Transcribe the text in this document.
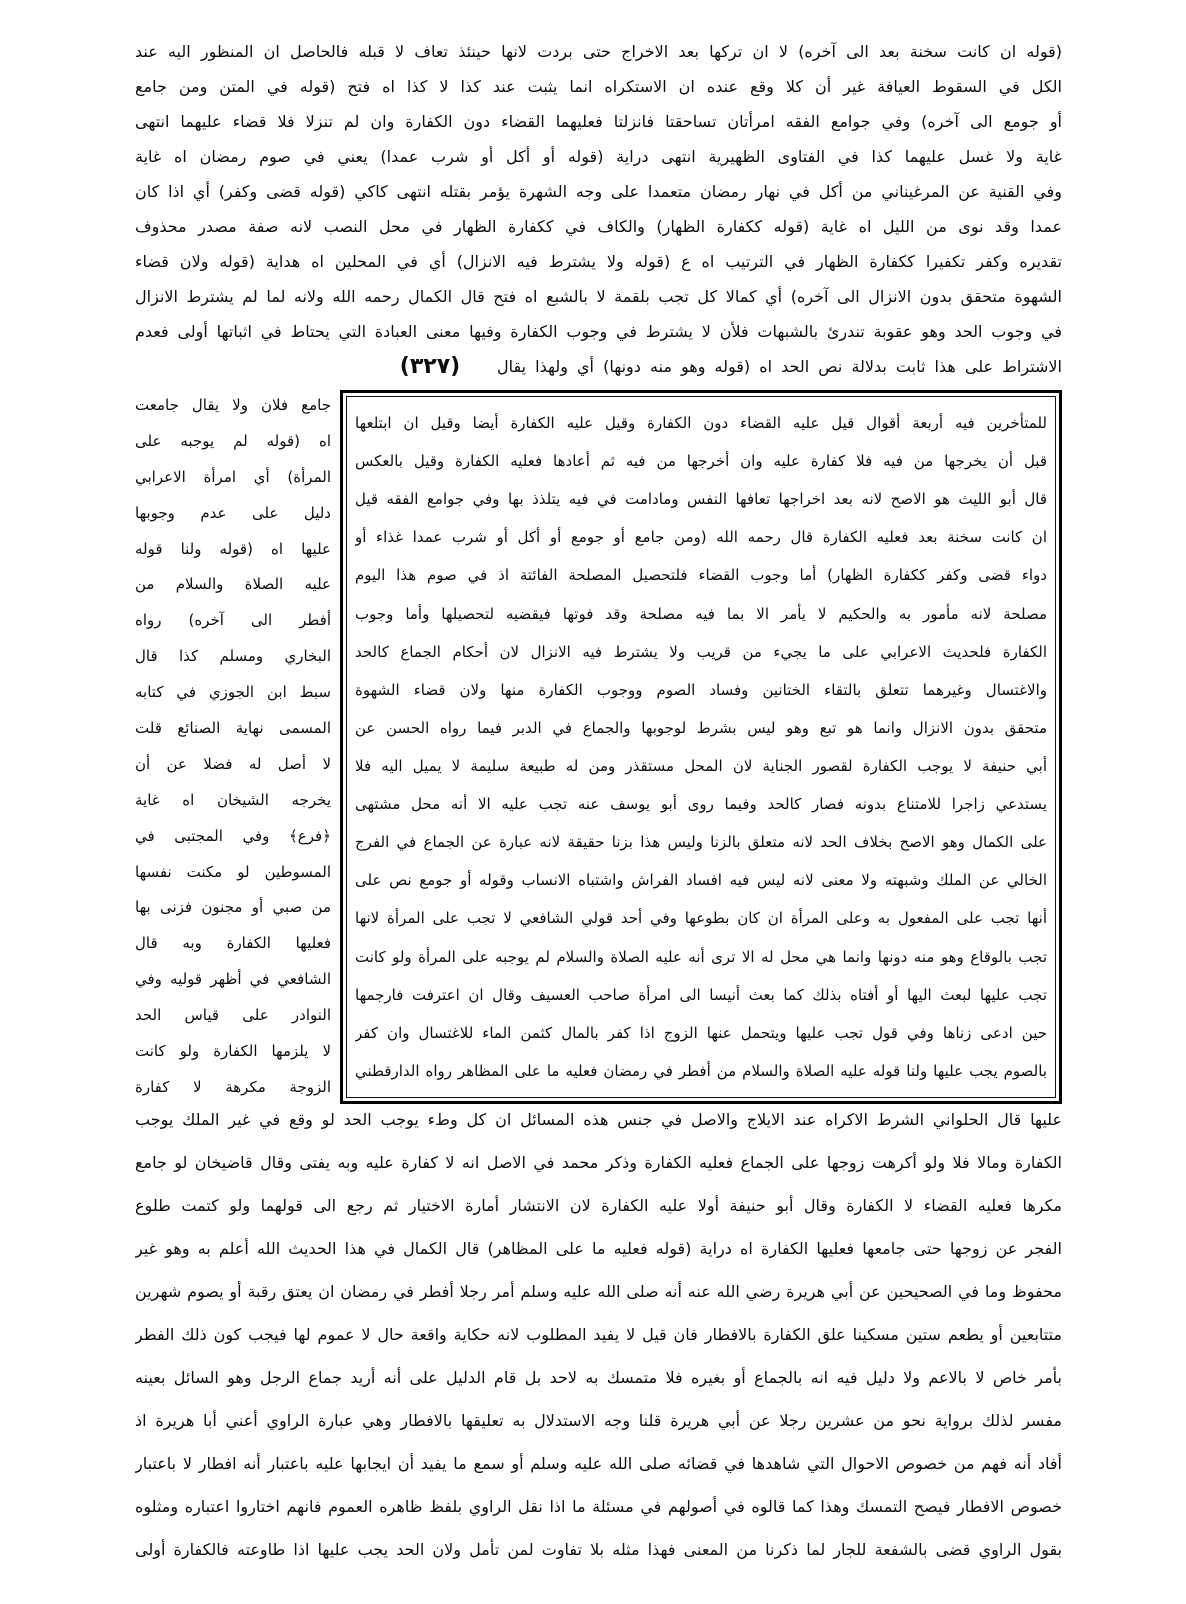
(قوله ان كانت سخنة بعد الى آخره) لا ان تركها بعد الاخراج حتى بردت لانها حينئذ تعاف لا قبله فالحاصل ان المنظور اليه عند
الكل في السقوط العيافة غير أن كلا وقع عنده ان الاستكراه انما يثبت عند كذا لا كذا اه فتح (قوله في المتن ومن جامع
أو جومع الى آخره) وفي جوامع الفقه امرأتان تساحقتا فانزلتا فعليهما القضاء دون الكفارة وان لم تنزلا فلا قضاء عليهما انتهى
غاية ولا غسل عليهما كذا في الفتاوى الظهيرية انتهى دراية (قوله أو أكل أو شرب عمدا) يعني في صوم رمضان اه غاية
وفي القنية عن المرغيناني من أكل في نهار رمضان متعمدا على وجه الشهرة يؤمر بقتله انتهى كاكي (قوله قضى وكفر) أي اذا كان
عمدا وقد نوى من الليل اه غاية (قوله ككفارة الظهار) والكاف في ككفارة الظهار في محل النصب لانه صفة مصدر محذوف
تقديره وكفر تكفيرا ككفارة الظهار في الترتيب اه ع (قوله ولا يشترط فيه الانزال) أي في المحلين اه هداية (قوله ولان قضاء
الشهوة متحقق بدون الانزال الى آخره) أي كمالا كل تجب بلقمة لا بالشبع اه فتح قال الكمال رحمه الله ولانه لما لم يشترط الانزال
في وجوب الحد وهو عقوبة تندرئ بالشبهات فلأن لا يشترط في وجوب الكفارة وفيها معنى العبادة التي يحتاط في اثباتها أولى فعدم
الاشتراط على هذا ثابت بدلالة نص الحد اه (قوله وهو منه دونها) أي ولهذا يقال
(٣٢٧)
جامع فلان ولا يقال جامعت
اه (قوله لم يوجبه على
المرأة) أي امرأة الاعرابي
دليل على عدم وجوبها
عليها اه (قوله ولنا قوله
عليه الصلاة والسلام من
أفطر الى آخره) رواه
البخاري ومسلم كذا قال
سبط ابن الجوزي في كتابه
المسمى نهاية الصنائع قلت
لا أصل له فضلا عن أن
يخرجه الشيخان اه غاية
﴿فرع﴾ وفي المجتبى في
المسوطين لو مكنت نفسها
من صبي أو مجنون فزنى بها
فعليها الكفارة وبه قال
الشافعي في أظهر قوليه وفي
النوادر على قياس الحد
لا يلزمها الكفارة ولو كانت
الزوجة مكرهة لا كفارة
للمتأخرين فيه أربعة أقوال قيل عليه القضاء دون الكفارة وقيل عليه الكفارة أيضا وقيل ان ابتلعها
قبل أن يخرجها من فيه فلا كفارة عليه وان أخرجها من فيه ثم أعادها فعليه الكفارة وقيل بالعكس
قال أبو الليث هو الاصح لانه بعد اخراجها تعافها النفس ومادامت في فيه يتلذذ بها وفي جوامع الفقه قيل
ان كانت سخنة بعد فعليه الكفارة قال رحمه الله (ومن جامع أو جومع أو أكل أو شرب عمدا غذاء أو
دواء قضى وكفر ككفارة الظهار) أما وجوب القضاء فلتحصيل المصلحة الفائتة اذ في صوم هذا اليوم
مصلحة لانه مأمور به والحكيم لا يأمر الا بما فيه مصلحة وقد فوتها فيقضيه لتحصيلها وأما وجوب
الكفارة فلحديث الاعرابي على ما يجيء من قريب ولا يشترط فيه الانزال لان أحكام الجماع كالحد
والاغتسال وغيرهما تتعلق بالتقاء الختانين وفساد الصوم ووجوب الكفارة منها ولان قضاء الشهوة
متحقق بدون الانزال وانما هو تبع وهو ليس بشرط لوجوبها والجماع في الدبر فيما رواه الحسن عن
أبي حنيفة لا يوجب الكفارة لقصور الجناية لان المحل مستقذر ومن له طبيعة سليمة لا يميل اليه فلا
يستدعي زاجرا للامتناع بدونه فصار كالحد وفيما روى أبو يوسف عنه تجب عليه الا أنه محل مشتهى
على الكمال وهو الاصح بخلاف الحد لانه متعلق بالزنا وليس هذا بزنا حقيقة لانه عبارة عن الجماع في الفرج
الخالي عن الملك وشبهته ولا معنى لانه ليس فيه افساد الفراش واشتباه الانساب وقوله أو جومع نص على
أنها تجب على المفعول به وعلى المرأة ان كان بطوعها وفي أحد قولي الشافعي لا تجب على المرأة لانها
تجب بالوقاع وهو منه دونها وانما هي محل له الا ترى أنه عليه الصلاة والسلام لم يوجبه على المرأة ولو كانت
تجب عليها لبعث اليها أو أفتاه بذلك كما بعث أنيسا الى امرأة صاحب العسيف وقال ان اعترفت فارجمها
حين ادعى زناها وفي قول تجب عليها ويتحمل عنها الزوج اذا كفر بالمال كثمن الماء للاغتسال وان كفر
بالصوم يجب عليها ولنا قوله عليه الصلاة والسلام من أفطر في رمضان فعليه ما على المظاهر رواه الدارقطني
عليها قال الحلواني الشرط الاكراه عند الايلاج والاصل في جنس هذه المسائل ان كل وطء يوجب الحد لو وقع في غير الملك يوجب
الكفارة ومالا فلا ولو أكرهت زوجها على الجماع فعليه الكفارة وذكر محمد في الاصل انه لا كفارة عليه وبه يفتى وقال قاضيخان لو جامع
مكرها فعليه القضاء لا الكفارة وقال أبو حنيفة أولا عليه الكفارة لان الانتشار أمارة الاختيار ثم رجع الى قولهما ولو كتمت طلوع
الفجر عن زوجها حتى جامعها فعليها الكفارة اه دراية (قوله فعليه ما على المظاهر) قال الكمال في هذا الحديث الله أعلم به وهو غير
محفوظ وما في الصحيحين عن أبي هريرة رضي الله عنه أنه صلى الله عليه وسلم أمر رجلا أفطر في رمضان ان يعتق رقبة أو يصوم شهرين
متتابعين أو يطعم ستين مسكينا علق الكفارة بالافطار فان قيل لا يفيد المطلوب لانه حكاية واقعة حال لا عموم لها فيجب كون ذلك الفطر
بأمر خاص لا بالاعم ولا دليل فيه انه بالجماع أو بغيره فلا متمسك به لاحد بل قام الدليل على أنه أريد جماع الرجل وهو السائل بعينه
مفسر لذلك برواية نحو من عشرين رجلا عن أبي هريرة قلنا وجه الاستدلال به تعليقها بالافطار وهي عبارة الراوي أعني أبا هريرة اذ
أفاد أنه فهم من خصوص الاحوال التي شاهدها في قضائه صلى الله عليه وسلم أو سمع ما يفيد أن ايجابها عليه باعتبار أنه افطار لا باعتبار
خصوص الافطار فيصح التمسك وهذا كما قالوه في أصولهم في مسئلة ما اذا نقل الراوي بلفظ ظاهره العموم فانهم اختاروا اعتباره ومثلوه
بقول الراوي قضى بالشفعة للجار لما ذكرنا من المعنى فهذا مثله بلا تفاوت لمن تأمل ولان الحد يجب عليها اذا طاوعته فالكفارة أولى
